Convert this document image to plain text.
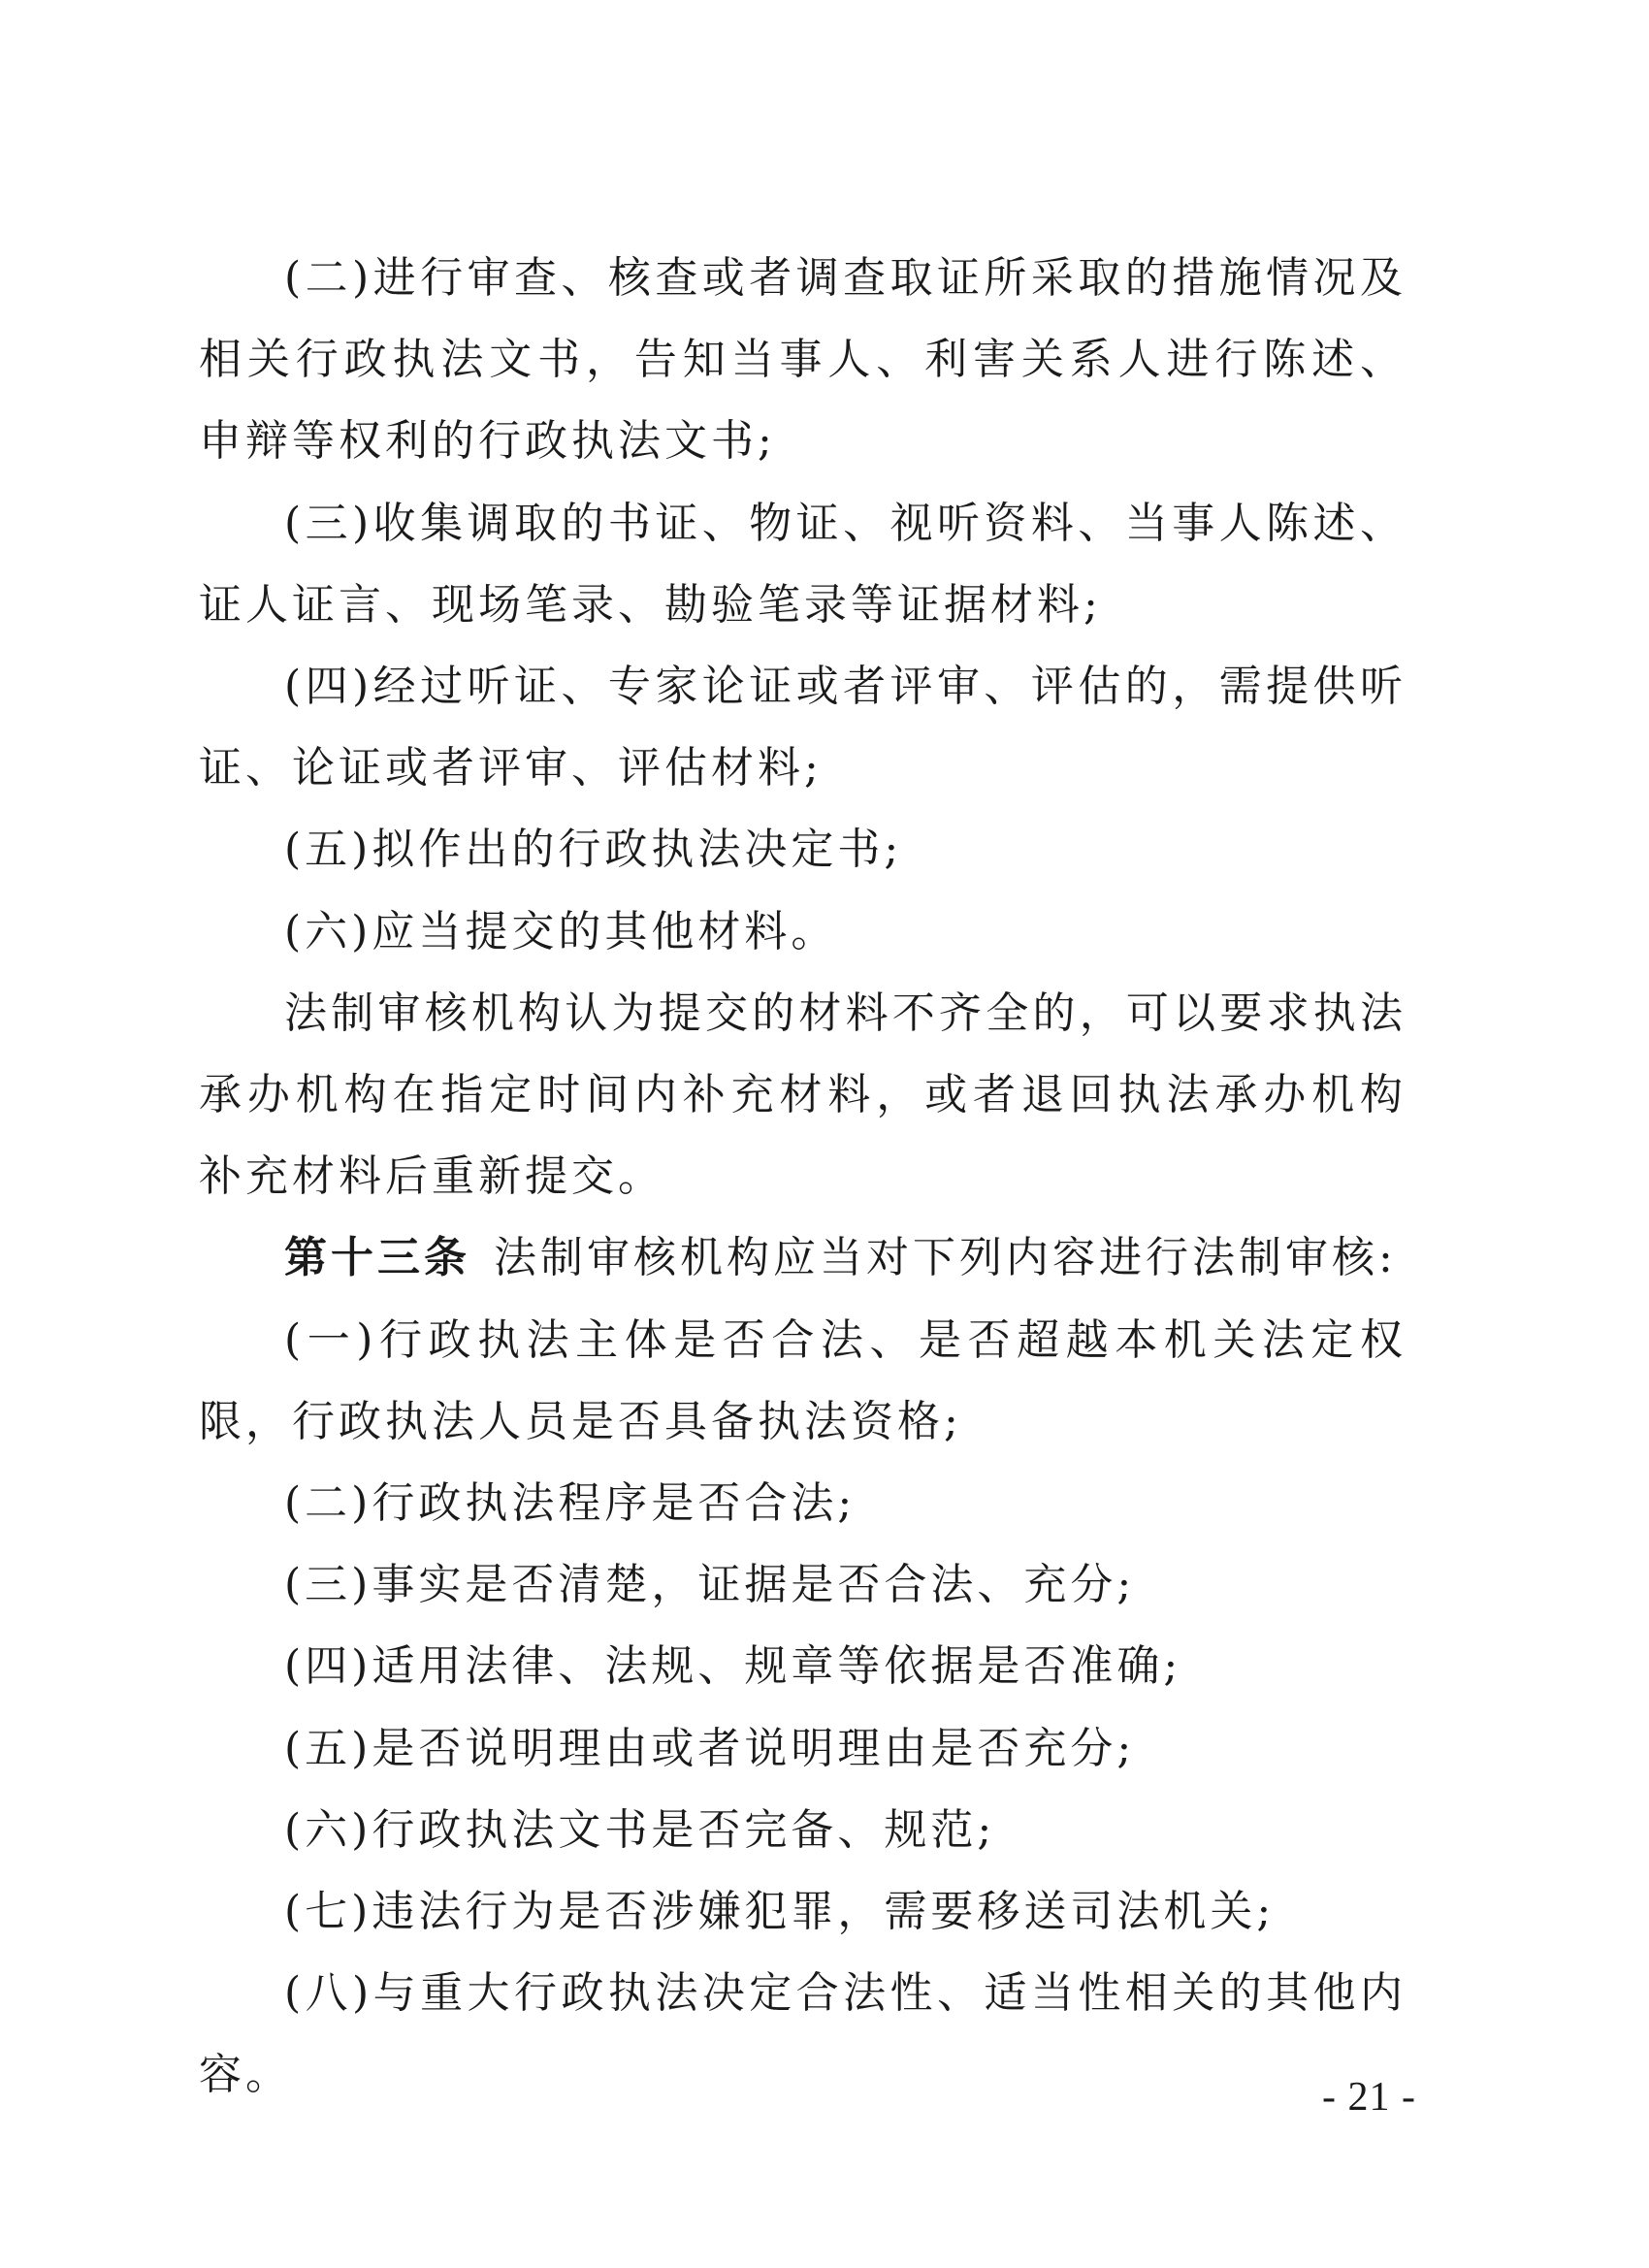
(二)进行审查、核查或者调查取证所采取的措施情况及相关行政执法文书，告知当事人、利害关系人进行陈述、申辩等权利的行政执法文书;

(三)收集调取的书证、物证、视听资料、当事人陈述、证人证言、现场笔录、勘验笔录等证据材料;

(四)经过听证、专家论证或者评审、评估的，需提供听证、论证或者评审、评估材料;

(五)拟作出的行政执法决定书;

(六)应当提交的其他材料。

法制审核机构认为提交的材料不齐全的，可以要求执法承办机构在指定时间内补充材料，或者退回执法承办机构补充材料后重新提交。

第十三条 法制审核机构应当对下列内容进行法制审核:

(一)行政执法主体是否合法、是否超越本机关法定权限，行政执法人员是否具备执法资格;

(二)行政执法程序是否合法;

(三)事实是否清楚，证据是否合法、充分;

(四)适用法律、法规、规章等依据是否准确;

(五)是否说明理由或者说明理由是否充分;

(六)行政执法文书是否完备、规范;

(七)违法行为是否涉嫌犯罪，需要移送司法机关;

(八)与重大行政执法决定合法性、适当性相关的其他内容。	- 21 -
